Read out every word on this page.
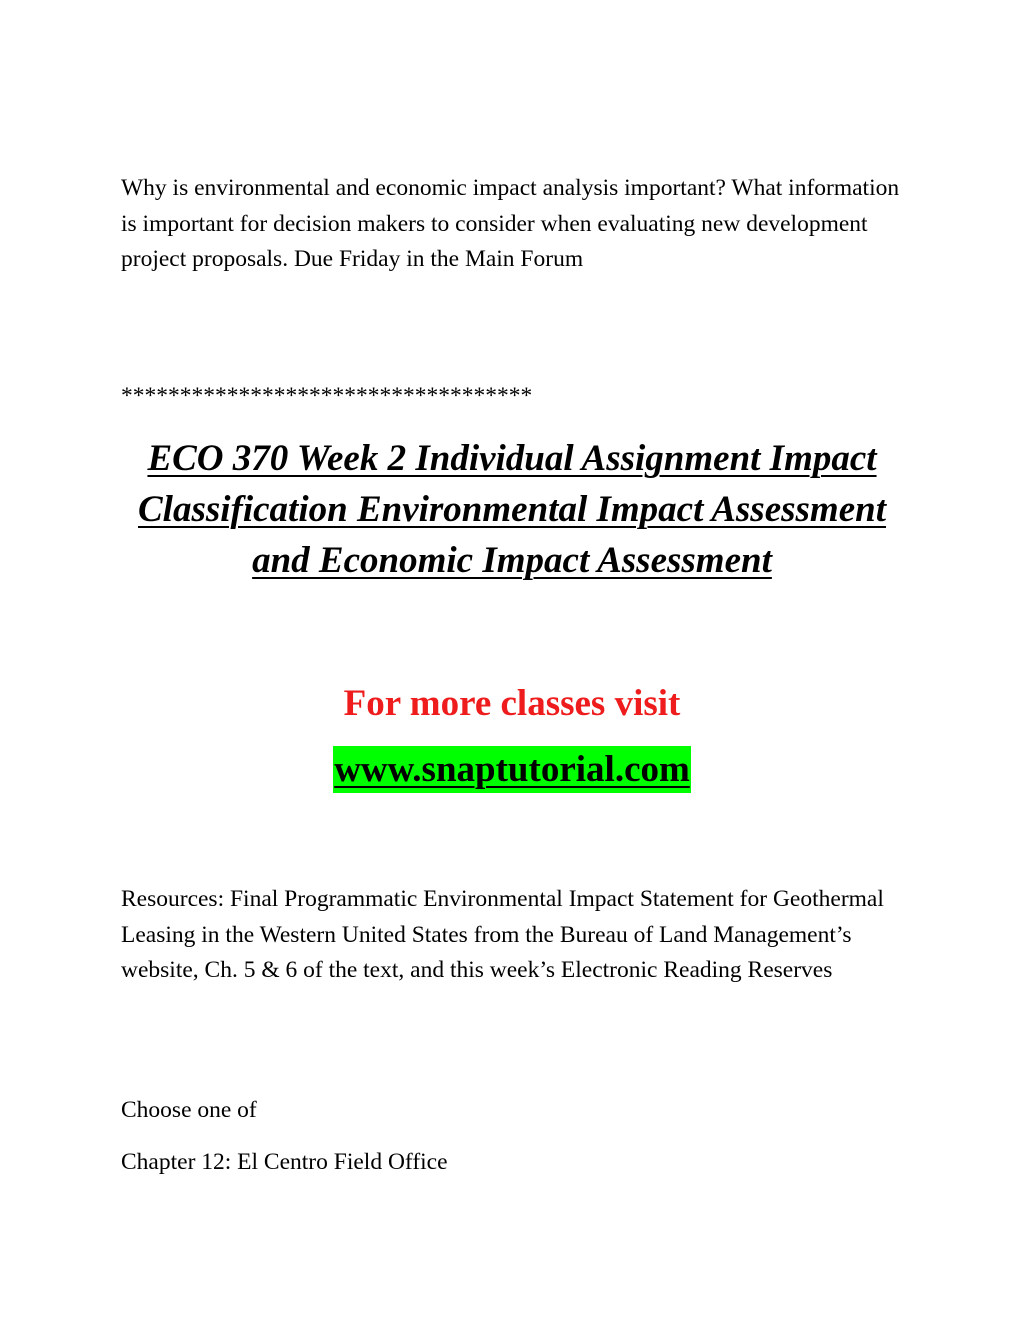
Why is environmental and economic impact analysis important? What information is important for decision makers to consider when evaluating new development project proposals. Due Friday in the Main Forum

***********************************

ECO 370 Week 2 Individual Assignment Impact Classification Environmental Impact Assessment and Economic Impact Assessment

For more classes visit

www.snaptutorial.com

Resources: Final Programmatic Environmental Impact Statement for Geothermal Leasing in the Western United States from the Bureau of Land Management’s website, Ch. 5 & 6 of the text, and this week’s Electronic Reading Reserves

Choose one of

Chapter 12: El Centro Field Office
